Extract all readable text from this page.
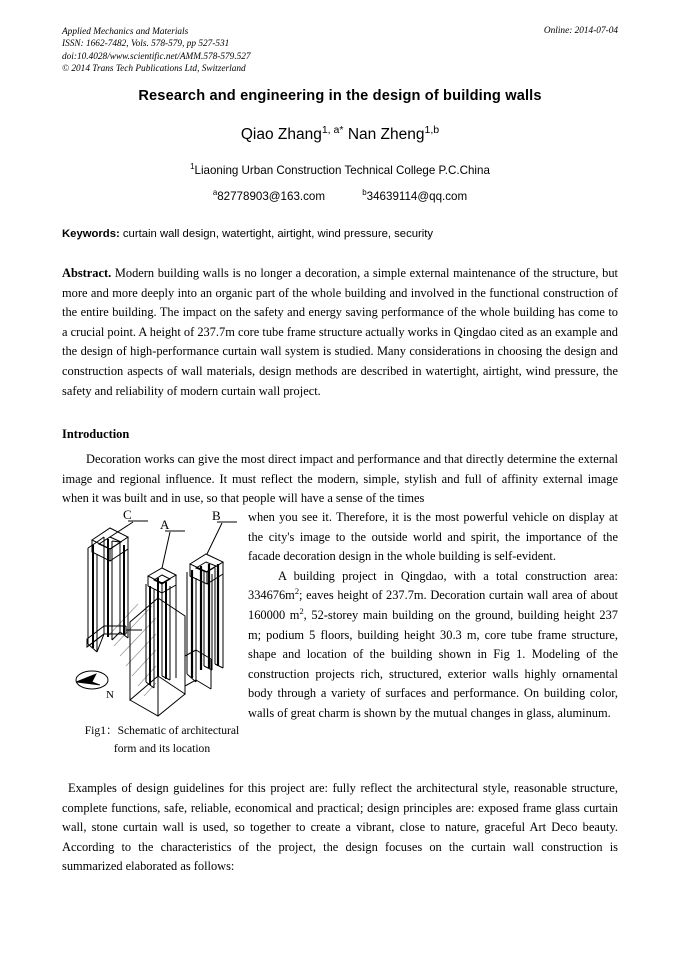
Applied Mechanics and Materials
ISSN: 1662-7482, Vols. 578-579, pp 527-531
doi:10.4028/www.scientific.net/AMM.578-579.527
© 2014 Trans Tech Publications Ltd, Switzerland
Online: 2014-07-04
Research and engineering in the design of building walls
Qiao Zhang$^{1, a*}$ Nan Zheng$^{1,b}$
$^1$Liaoning Urban Construction Technical College P.C.China
$^a$82778903@163.com	$^b$34639114@qq.com
Keywords: curtain wall design, watertight, airtight, wind pressure, security
Abstract. Modern building walls is no longer a decoration, a simple external maintenance of the structure, but more and more deeply into an organic part of the whole building and involved in the functional construction of the entire building. The impact on the safety and energy saving performance of the whole building has come to a crucial point. A height of 237.7m core tube frame structure actually works in Qingdao cited as an example and the design of high-performance curtain wall system is studied. Many considerations in choosing the design and construction aspects of wall materials, design methods are described in watertight, airtight, wind pressure, the safety and reliability of modern curtain wall project.
Introduction
Decoration works can give the most direct impact and performance and that directly determine the external image and regional influence. It must reflect the modern, simple, stylish and full of affinity external image when it was built and in use, so that people will have a sense of the times
C
A
B
N
Fig1：Schematic of architectural
form and its location

when you see it. Therefore, it is the most powerful vehicle on display at the city's image to the outside world and spirit, the importance of the facade decoration design in the whole building is self-evident.

A building project in Qingdao, with a total construction area: $334676m^2$; eaves height of 237.7m. Decoration curtain wall area of about 160000 $m^2$, 52-storey main building on the ground, building height 237 m; podium 5 floors, building height 30.3 m, core tube frame structure, shape and location of the building shown in Fig 1. Modeling of the construction projects rich, structured, exterior walls highly ornamental body through a variety of surfaces and performance. On building color, walls of great charm is shown by the mutual changes in glass, aluminum.

Examples of design guidelines for this project are: fully reflect the architectural style, reasonable structure, complete functions, safe, reliable, economical and practical; design principles are: exposed frame glass curtain wall, stone curtain wall is used, so together to create a vibrant, close to nature, graceful Art Deco beauty. According to the characteristics of the project, the design focuses on the curtain wall construction is summarized elaborated as follows:
